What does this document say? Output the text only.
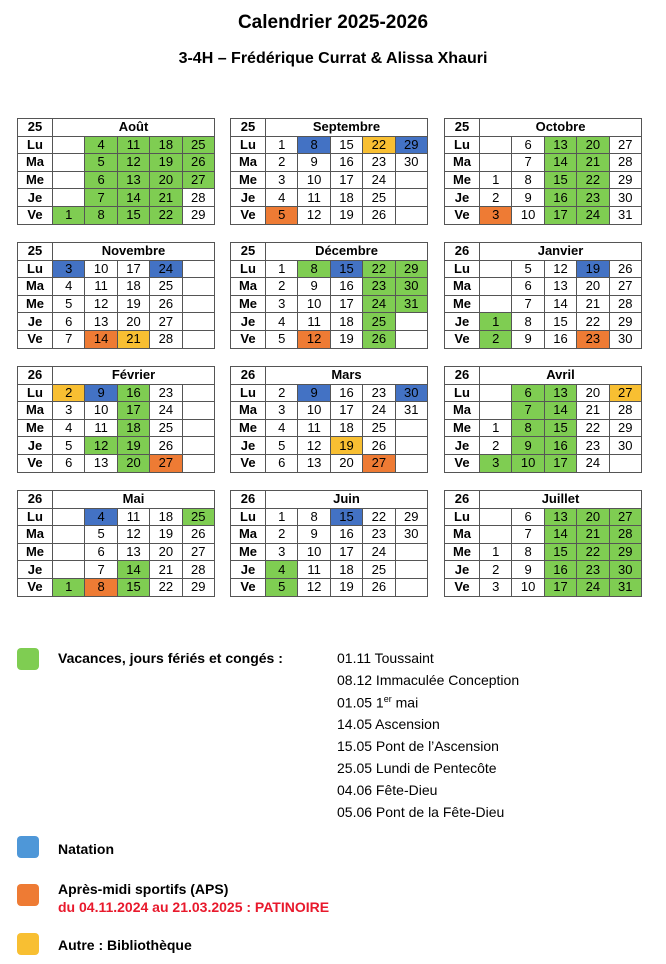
Calendrier 2025-2026
3-4H – Frédérique Currat & Alissa Xhauri
25	Août				
Lu		4	11	18	25
Ma		5	12	19	26
Me		6	13	20	27
Je		7	14	21	28
Ve	1	8	15	22	29
25	Septembre				
Lu	1	8	15	22	29
Ma	2	9	16	23	30
Me	3	10	17	24	
Je	4	11	18	25	
Ve	5	12	19	26	
25	Octobre				
Lu		6	13	20	27
Ma		7	14	21	28
Me	1	8	15	22	29
Je	2	9	16	23	30
Ve	3	10	17	24	31
25	Novembre				
Lu	3	10	17	24	
Ma	4	11	18	25	
Me	5	12	19	26	
Je	6	13	20	27	
Ve	7	14	21	28	
25	Décembre				
Lu	1	8	15	22	29
Ma	2	9	16	23	30
Me	3	10	17	24	31
Je	4	11	18	25	
Ve	5	12	19	26	
26	Janvier				
Lu		5	12	19	26
Ma		6	13	20	27
Me		7	14	21	28
Je	1	8	15	22	29
Ve	2	9	16	23	30
26	Février				
Lu	2	9	16	23	
Ma	3	10	17	24	
Me	4	11	18	25	
Je	5	12	19	26	
Ve	6	13	20	27	
26	Mars				
Lu	2	9	16	23	30
Ma	3	10	17	24	31
Me	4	11	18	25	
Je	5	12	19	26	
Ve	6	13	20	27	
26	Avril				
Lu		6	13	20	27
Ma		7	14	21	28
Me	1	8	15	22	29
Je	2	9	16	23	30
Ve	3	10	17	24	
26	Mai				
Lu		4	11	18	25
Ma		5	12	19	26
Me		6	13	20	27
Je		7	14	21	28
Ve	1	8	15	22	29
26	Juin				
Lu	1	8	15	22	29
Ma	2	9	16	23	30
Me	3	10	17	24	
Je	4	11	18	25	
Ve	5	12	19	26	
26	Juillet				
Lu		6	13	20	27
Ma		7	14	21	28
Me	1	8	15	22	29
Je	2	9	16	23	30
Ve	3	10	17	24	31
Vacances, jours fériés et congés :	01.11 Toussaint
08.12 Immaculée Conception
01.05 1er mai
14.05 Ascension
15.05 Pont de l’Ascension
25.05 Lundi de Pentecôte
04.06 Fête-Dieu
05.06 Pont de la Fête-Dieu
Natation
Après-midi sportifs (APS)
du 04.11.2024 au 21.03.2025 : PATINOIRE
Autre : Bibliothèque
